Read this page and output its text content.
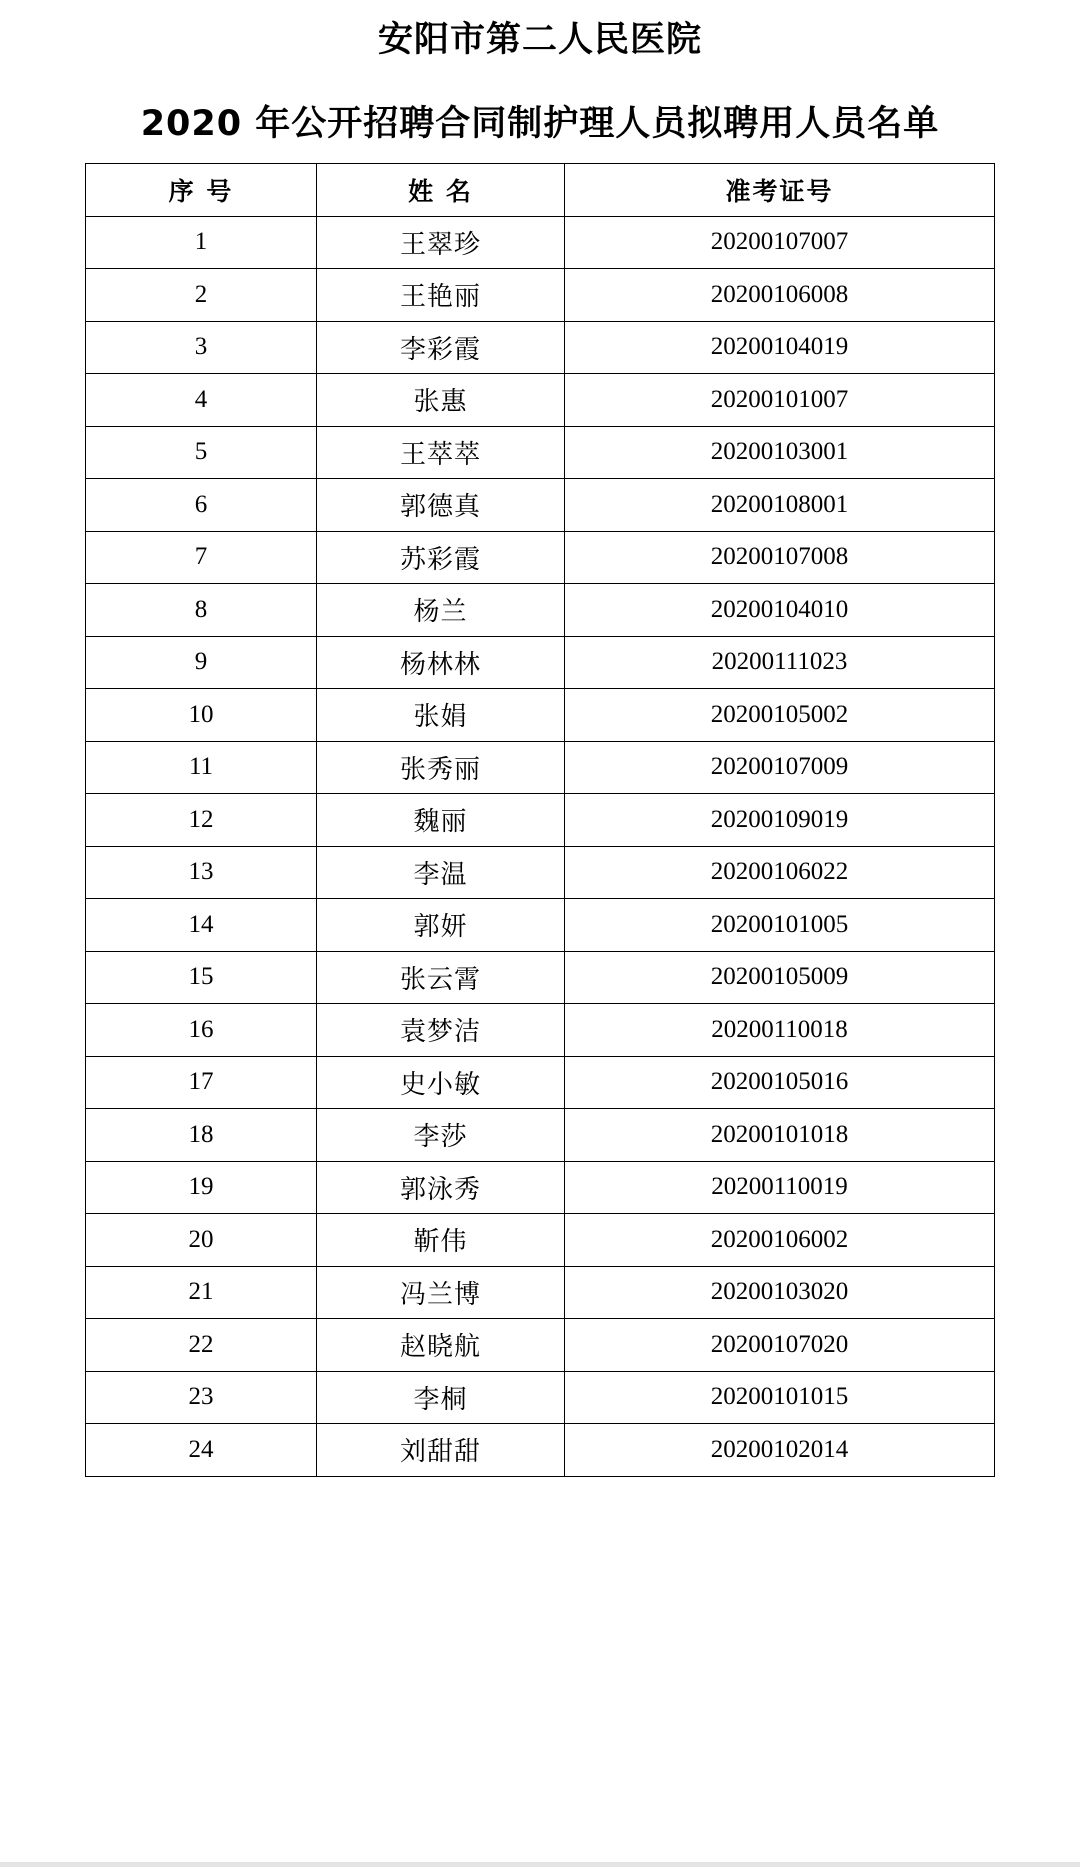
安阳市第二人民医院
2020 年公开招聘合同制护理人员拟聘用人员名单
序 号	姓 名	准考证号
1	王翠珍	20200107007
2	王艳丽	20200106008
3	李彩霞	20200104019
4	张惠	20200101007
5	王萃萃	20200103001
6	郭德真	20200108001
7	苏彩霞	20200107008
8	杨兰	20200104010
9	杨林林	20200111023
10	张娟	20200105002
11	张秀丽	20200107009
12	魏丽	20200109019
13	李温	20200106022
14	郭妍	20200101005
15	张云霄	20200105009
16	袁梦洁	20200110018
17	史小敏	20200105016
18	李莎	20200101018
19	郭泳秀	20200110019
20	靳伟	20200106002
21	冯兰博	20200103020
22	赵晓航	20200107020
23	李桐	20200101015
24	刘甜甜	20200102014
